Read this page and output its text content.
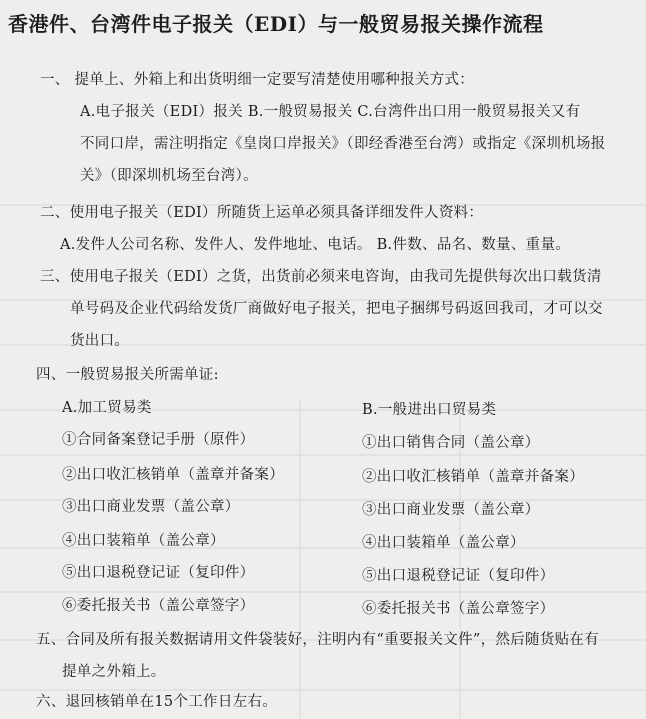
香港件、台湾件电子报关（EDI）与一般贸易报关操作流程
一、 提单上、外箱上和出货明细一定要写清楚使用哪种报关方式：
A.电子报关（EDI）报关 B.一般贸易报关 C.台湾件出口用一般贸易报关又有
不同口岸，需注明指定《皇岗口岸报关》（即经香港至台湾）或指定《深圳机场报
关》（即深圳机场至台湾）。
二、使用电子报关（EDI）所随货上运单必须具备详细发件人资料：
A.发件人公司名称、发件人、发件地址、电话。 B.件数、品名、数量、重量。
三、使用电子报关（EDI）之货，出货前必须来电咨询，由我司先提供每次出口载货清
单号码及企业代码给发货厂商做好电子报关，把电子捆绑号码返回我司，才可以交
货出口。
四、一般贸易报关所需单证:
A.加工贸易类
①合同备案登记手册（原件）
②出口收汇核销单（盖章并备案）
③出口商业发票（盖公章）
④出口装箱单（盖公章）
⑤出口退税登记证（复印件）
⑥委托报关书（盖公章签字）
B.一般进出口贸易类
①出口销售合同（盖公章）
②出口收汇核销单（盖章并备案）
③出口商业发票（盖公章）
④出口装箱单（盖公章）
⑤出口退税登记证（复印件）
⑥委托报关书（盖公章签字）
五、合同及所有报关数据请用文件袋装好，注明内有“重要报关文件”，然后随货贴在有
提单之外箱上。
六、退回核销单在15个工作日左右。
